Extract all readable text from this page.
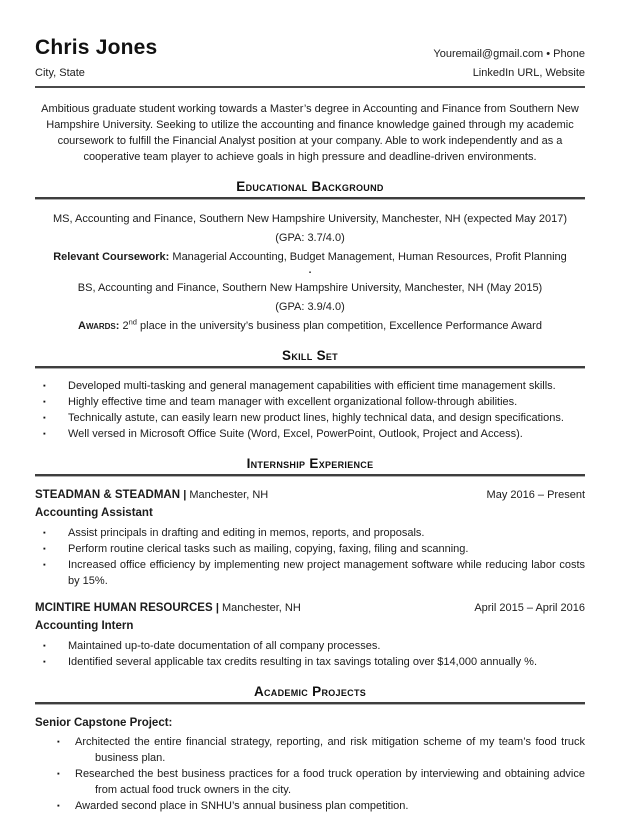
Chris Jones	Youremail@gmail.com • Phone
City, State	LinkedIn URL, Website

Ambitious graduate student working towards a Master’s degree in Accounting and Finance from Southern New Hampshire University. Seeking to utilize the accounting and finance knowledge gained through my academic coursework to fulfill the Financial Analyst position at your company. Able to work independently and as a cooperative team player to achieve goals in high pressure and deadline-driven environments.

Educational Background
MS, Accounting and Finance, Southern New Hampshire University, Manchester, NH (expected May 2017)
(GPA: 3.7/4.0)
Relevant Coursework: Managerial Accounting, Budget Management, Human Resources, Profit Planning
▪
BS, Accounting and Finance, Southern New Hampshire University, Manchester, NH (May 2015)
(GPA: 3.9/4.0)
Awards: 2nd place in the university’s business plan competition, Excellence Performance Award
Skill Set
▪	Developed multi-tasking and general management capabilities with efficient time management skills.
▪	Highly effective time and team manager with excellent organizational follow-through abilities.
▪	Technically astute, can easily learn new product lines, highly technical data, and design specifications.
▪	Well versed in Microsoft Office Suite (Word, Excel, PowerPoint, Outlook, Project and Access).
Internship Experience
STEADMAN & STEADMAN | Manchester, NH	May 2016 – Present
Accounting Assistant
▪	Assist principals in drafting and editing in memos, reports, and proposals.
▪	Perform routine clerical tasks such as mailing, copying, faxing, filing and scanning.
▪	Increased office efficiency by implementing new project management software while reducing labor costs by 15%.
MCINTIRE HUMAN RESOURCES | Manchester, NH	April 2015 – April 2016
Accounting Intern
▪	Maintained up-to-date documentation of all company processes.
▪	Identified several applicable tax credits resulting in tax savings totaling over $14,000 annually %.
Academic Projects
Senior Capstone Project:
▪	Architected the entire financial strategy, reporting, and risk mitigation scheme of my team’s food truck business plan.
▪	Researched the best business practices for a food truck operation by interviewing and obtaining advice from actual food truck owners in the city.
▪	Awarded second place in SNHU’s annual business plan competition.
